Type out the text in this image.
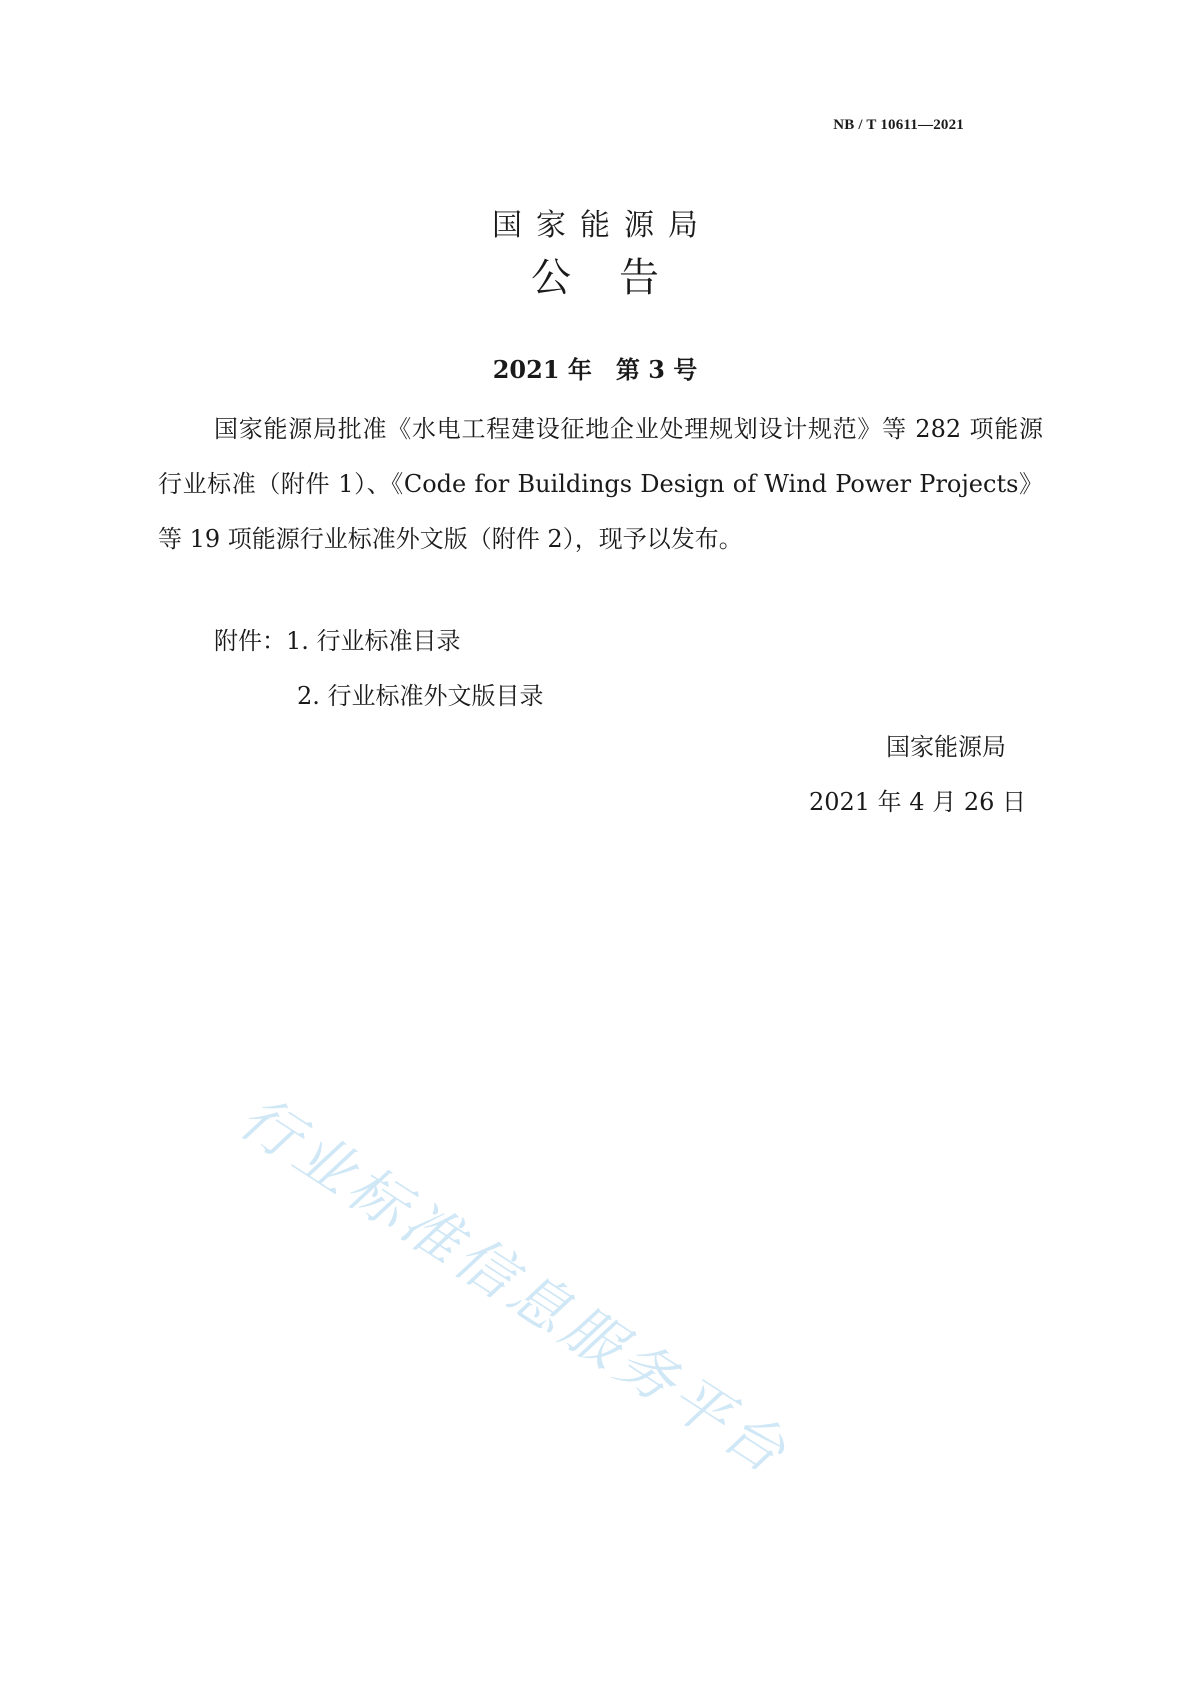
NB / T 10611—2021
国家能源局
公告
2021 年　第 3 号

国家能源局批准《水电工程建设征地企业处理规划设计规范》等 282 项能源行业标准（附件 1）、《Code for Buildings Design of Wind Power Projects》等 19 项能源行业标准外文版（附件 2），现予以发布。

附件：1. 行业标准目录
2. 行业标准外文版目录
国家能源局
2021 年 4 月 26 日
行业标准信息服务平台
